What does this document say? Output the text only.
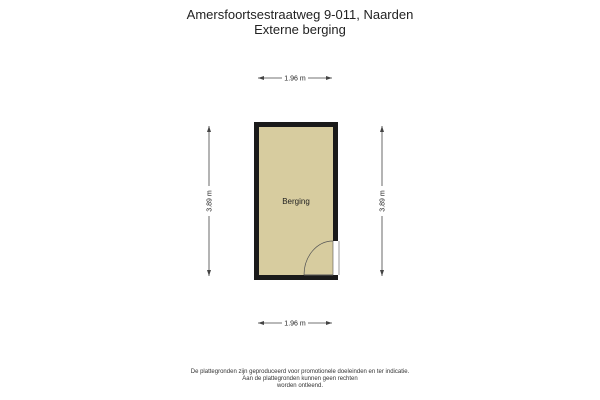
Amersfoortsestraatweg 9-011, Naarden
Externe berging
1.96 m
3.89 m	3.89 m
Berging
1.96 m
De plattegronden zijn geproduceerd voor promotionele doeleinden en ter indicatie.
Aan de plattegronden kunnen geen rechten
worden ontleend.
